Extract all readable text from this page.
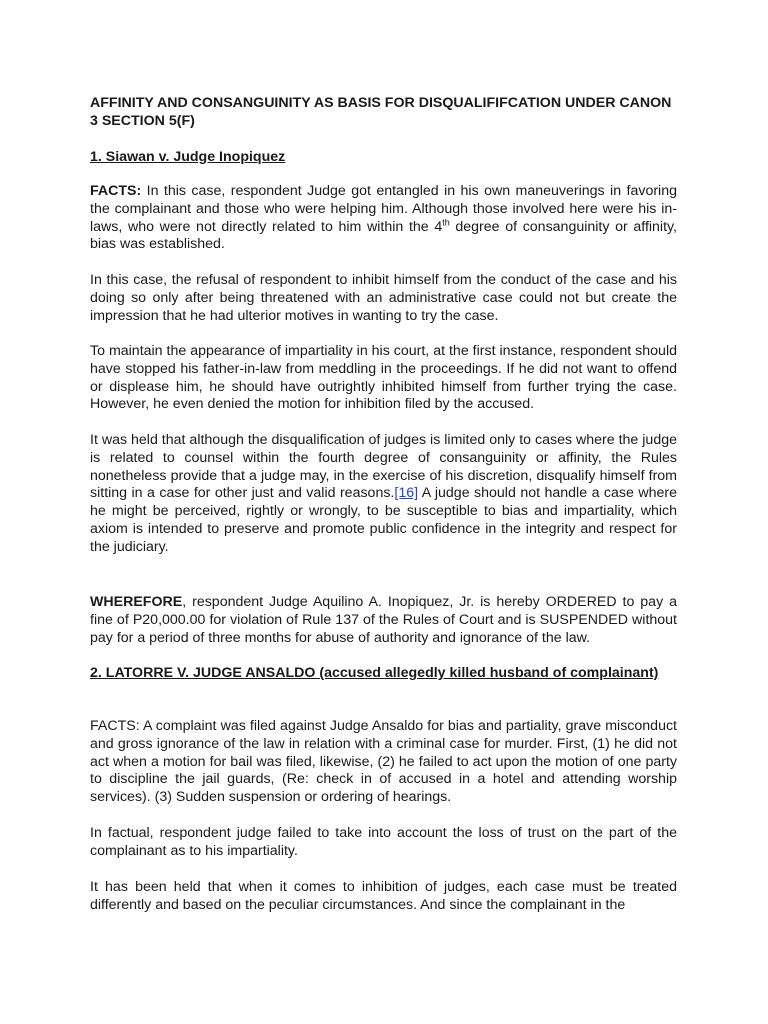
AFFINITY AND CONSANGUINITY AS BASIS FOR DISQUALIFIFCATION UNDER CANON 3 SECTION 5(F)

1. Siawan v. Judge Inopiquez

FACTS: In this case, respondent Judge got entangled in his own maneuverings in favoring the complainant and those who were helping him. Although those involved here were his in-laws, who were not directly related to him within the 4th degree of consanguinity or affinity, bias was established.

In this case, the refusal of respondent to inhibit himself from the conduct of the case and his doing so only after being threatened with an administrative case could not but create the impression that he had ulterior motives in wanting to try the case.

To maintain the appearance of impartiality in his court, at the first instance, respondent should have stopped his father-in-law from meddling in the proceedings. If he did not want to offend or displease him, he should have outrightly inhibited himself from further trying the case. However, he even denied the motion for inhibition filed by the accused.

It was held that although the disqualification of judges is limited only to cases where the judge is related to counsel within the fourth degree of consanguinity or affinity, the Rules nonetheless provide that a judge may, in the exercise of his discretion, disqualify himself from sitting in a case for other just and valid reasons.[16] A judge should not handle a case where he might be perceived, rightly or wrongly, to be susceptible to bias and impartiality, which axiom is intended to preserve and promote public confidence in the integrity and respect for the judiciary.

WHEREFORE, respondent Judge Aquilino A. Inopiquez, Jr. is hereby ORDERED to pay a fine of P20,000.00 for violation of Rule 137 of the Rules of Court and is SUSPENDED without pay for a period of three months for abuse of authority and ignorance of the law.

2. LATORRE V. JUDGE ANSALDO (accused allegedly killed husband of complainant)

FACTS: A complaint was filed against Judge Ansaldo for bias and partiality, grave misconduct and gross ignorance of the law in relation with a criminal case for murder. First, (1) he did not act when a motion for bail was filed, likewise, (2) he failed to act upon the motion of one party to discipline the jail guards, (Re: check in of accused in a hotel and attending worship services). (3) Sudden suspension or ordering of hearings.

In factual, respondent judge failed to take into account the loss of trust on the part of the complainant as to his impartiality.

It has been held that when it comes to inhibition of judges, each case must be treated differently and based on the peculiar circumstances. And since the complainant in the
